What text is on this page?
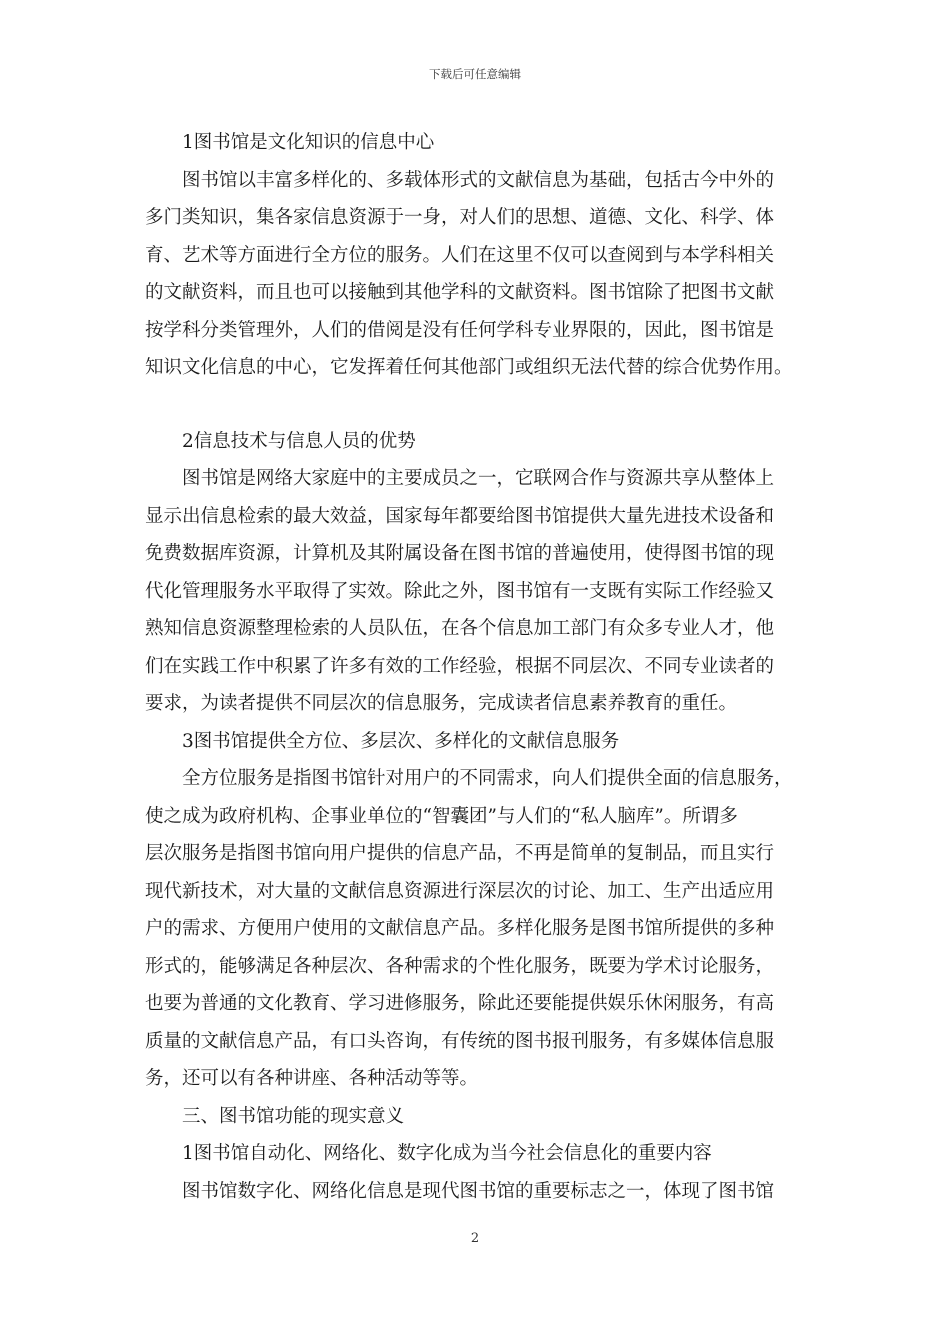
下载后可任意编辑
1图书馆是文化知识的信息中心
图书馆以丰富多样化的、多载体形式的文献信息为基础，包括古今中外的
多门类知识，集各家信息资源于一身，对人们的思想、道德、文化、科学、体
育、艺术等方面进行全方位的服务。人们在这里不仅可以查阅到与本学科相关
的文献资料，而且也可以接触到其他学科的文献资料。图书馆除了把图书文献
按学科分类管理外，人们的借阅是没有任何学科专业界限的，因此，图书馆是
知识文化信息的中心，它发挥着任何其他部门或组织无法代替的综合优势作用。
2信息技术与信息人员的优势
图书馆是网络大家庭中的主要成员之一，它联网合作与资源共享从整体上
显示出信息检索的最大效益，国家每年都要给图书馆提供大量先进技术设备和
免费数据库资源，计算机及其附属设备在图书馆的普遍使用，使得图书馆的现
代化管理服务水平取得了实效。除此之外，图书馆有一支既有实际工作经验又
熟知信息资源整理检索的人员队伍，在各个信息加工部门有众多专业人才，他
们在实践工作中积累了许多有效的工作经验，根据不同层次、不同专业读者的
要求，为读者提供不同层次的信息服务，完成读者信息素养教育的重任。
3图书馆提供全方位、多层次、多样化的文献信息服务
全方位服务是指图书馆针对用户的不同需求，向人们提供全面的信息服务，
使之成为政府机构、企事业单位的“智囊团”与人们的“私人脑库”。所谓多
层次服务是指图书馆向用户提供的信息产品，不再是简单的复制品，而且实行
现代新技术，对大量的文献信息资源进行深层次的讨论、加工、生产出适应用
户的需求、方便用户使用的文献信息产品。多样化服务是图书馆所提供的多种
形式的，能够满足各种层次、各种需求的个性化服务，既要为学术讨论服务，
也要为普通的文化教育、学习进修服务，除此还要能提供娱乐休闲服务，有高
质量的文献信息产品，有口头咨询，有传统的图书报刊服务，有多媒体信息服
务，还可以有各种讲座、各种活动等等。
三、图书馆功能的现实意义
1图书馆自动化、网络化、数字化成为当今社会信息化的重要内容
图书馆数字化、网络化信息是现代图书馆的重要标志之一，体现了图书馆
2
